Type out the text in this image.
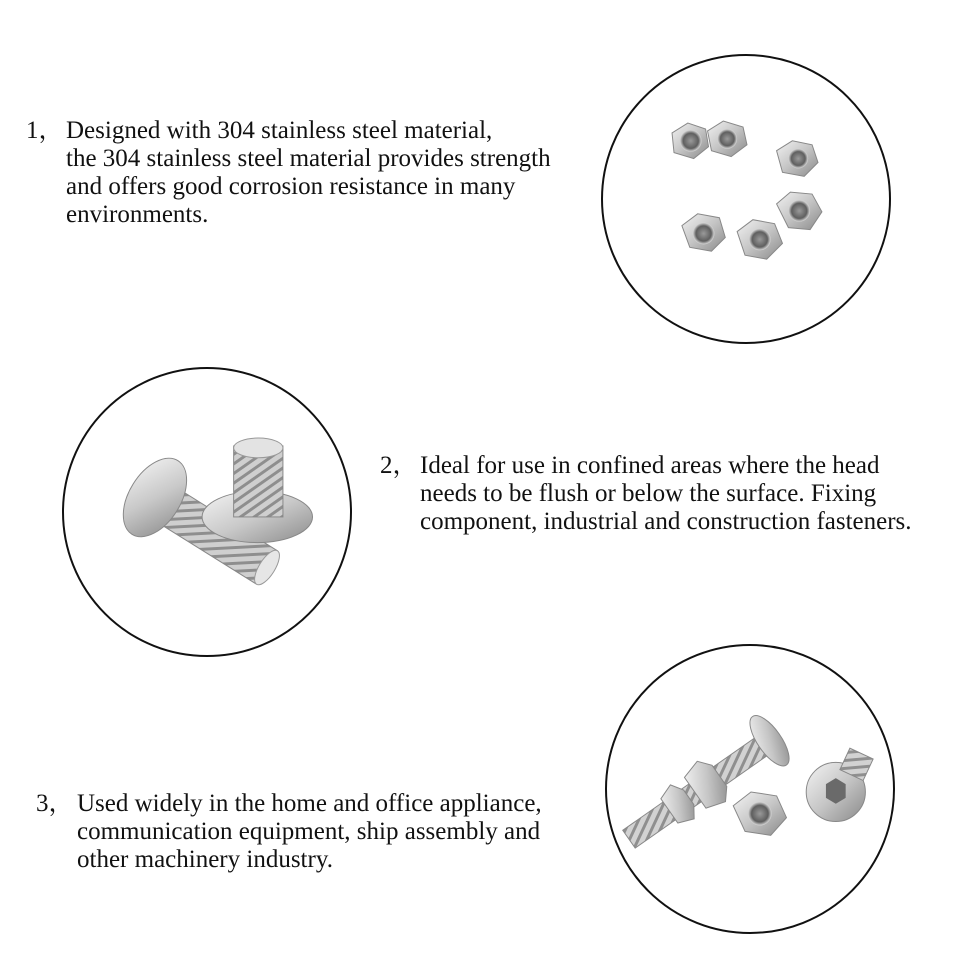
1， Designed with 304 stainless steel material,
the 304 stainless steel material provides strength
and offers good corrosion resistance in many
environments.
2， Ideal for use in confined areas where the head
needs to be flush or below the surface. Fixing
component, industrial and construction fasteners.
3， Used widely in the home and office appliance,
communication equipment, ship assembly and
other machinery industry.
